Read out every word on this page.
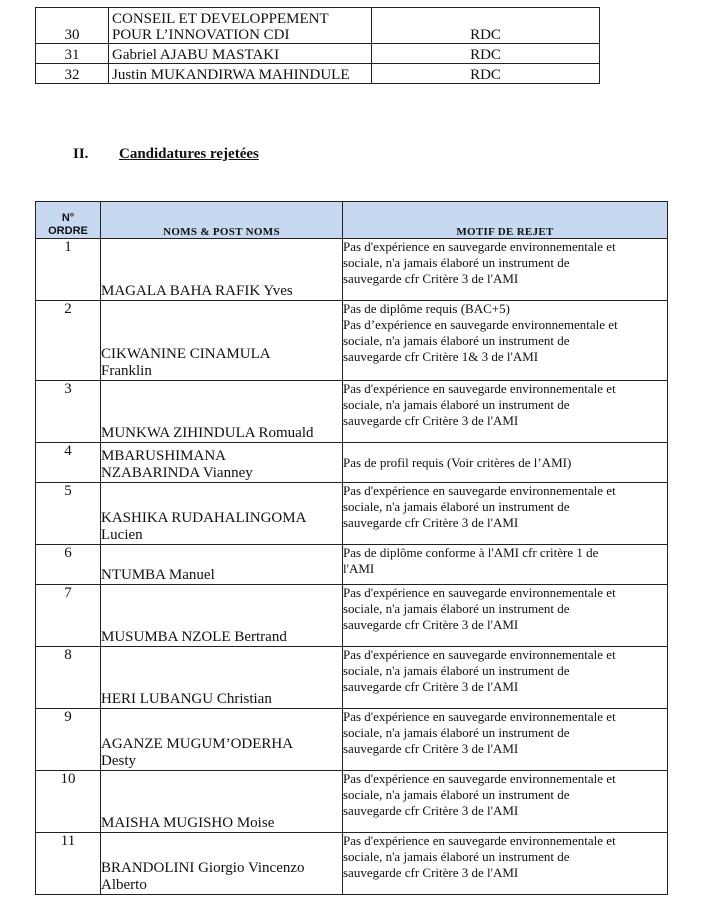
30	CONSEIL ET DEVELOPPEMENT
POUR L’INNOVATION CDI	RDC
31	Gabriel AJABU MASTAKI	RDC
32	Justin MUKANDIRWA MAHINDULE	RDC
II. Candidatures rejetées
N°
ORDRE	NOMS & POST NOMS	MOTIF DE REJET
1	MAGALA BAHA RAFIK Yves	Pas d'expérience en sauvegarde environnementale et
sociale, n'a jamais élaboré un instrument de
sauvegarde cfr Critère 3 de l'AMI

2	CIKWANINE CINAMULA
Franklin	Pas de diplôme requis (BAC+5)
Pas d’expérience en sauvegarde environnementale et
sociale, n'a jamais élaboré un instrument de
sauvegarde cfr Critère 1& 3 de l'AMI

3	MUNKWA ZIHINDULA Romuald	Pas d'expérience en sauvegarde environnementale et
sociale, n'a jamais élaboré un instrument de
sauvegarde cfr Critère 3 de l'AMI

4	MBARUSHIMANA
NZABARINDA Vianney	Pas de profil requis (Voir critères de l’AMI)

5	KASHIKA RUDAHALINGOMA
Lucien	Pas d'expérience en sauvegarde environnementale et
sociale, n'a jamais élaboré un instrument de
sauvegarde cfr Critère 3 de l'AMI

6	NTUMBA Manuel	Pas de diplôme conforme à l'AMI cfr critère 1 de
l'AMI

7	MUSUMBA NZOLE Bertrand	Pas d'expérience en sauvegarde environnementale et
sociale, n'a jamais élaboré un instrument de
sauvegarde cfr Critère 3 de l'AMI

8	HERI LUBANGU Christian	Pas d'expérience en sauvegarde environnementale et
sociale, n'a jamais élaboré un instrument de
sauvegarde cfr Critère 3 de l'AMI

9	AGANZE MUGUM’ODERHA
Desty	Pas d'expérience en sauvegarde environnementale et
sociale, n'a jamais élaboré un instrument de
sauvegarde cfr Critère 3 de l'AMI

10	MAISHA MUGISHO Moise	Pas d'expérience en sauvegarde environnementale et
sociale, n'a jamais élaboré un instrument de
sauvegarde cfr Critère 3 de l'AMI

11	BRANDOLINI Giorgio Vincenzo
Alberto	Pas d'expérience en sauvegarde environnementale et
sociale, n'a jamais élaboré un instrument de
sauvegarde cfr Critère 3 de l'AMI
